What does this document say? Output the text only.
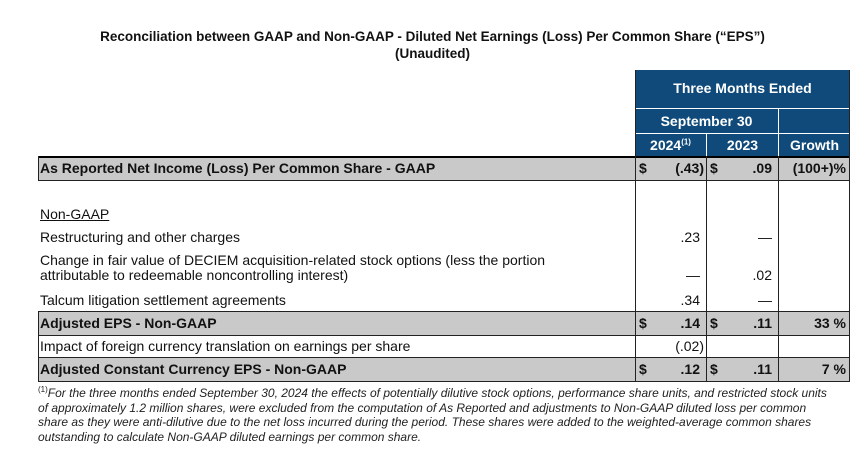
Reconciliation between GAAP and Non-GAAP - Diluted Net Earnings (Loss) Per Common Share (“EPS”)
(Unaudited)
Three Months Ended
September 30
2024$^{(1)}$	2023	Growth
As Reported Net Income (Loss) Per Common Share - GAAP	$	(.43) $	.09	(100+)%
Non-GAAP
Restructuring and other charges	.23	—
Change in fair value of DECIEM acquisition-related stock options (less the portion
attributable to redeemable noncontrolling interest)	—	.02
Talcum litigation settlement agreements	.34	—
Adjusted EPS - Non-GAAP	$	.14 $	.11	33 %
Impact of foreign currency translation on earnings per share	(.02)
Adjusted Constant Currency EPS - Non-GAAP	$	.12 $	.11	7 %
$^{(1)}$For the three months ended September 30, 2024 the effects of potentially dilutive stock options, performance share units, and restricted stock units of approximately 1.2 million shares, were excluded from the computation of As Reported and adjustments to Non-GAAP diluted loss per common share as they were anti-dilutive due to the net loss incurred during the period. These shares were added to the weighted-average common shares outstanding to calculate Non-GAAP diluted earnings per common share.
